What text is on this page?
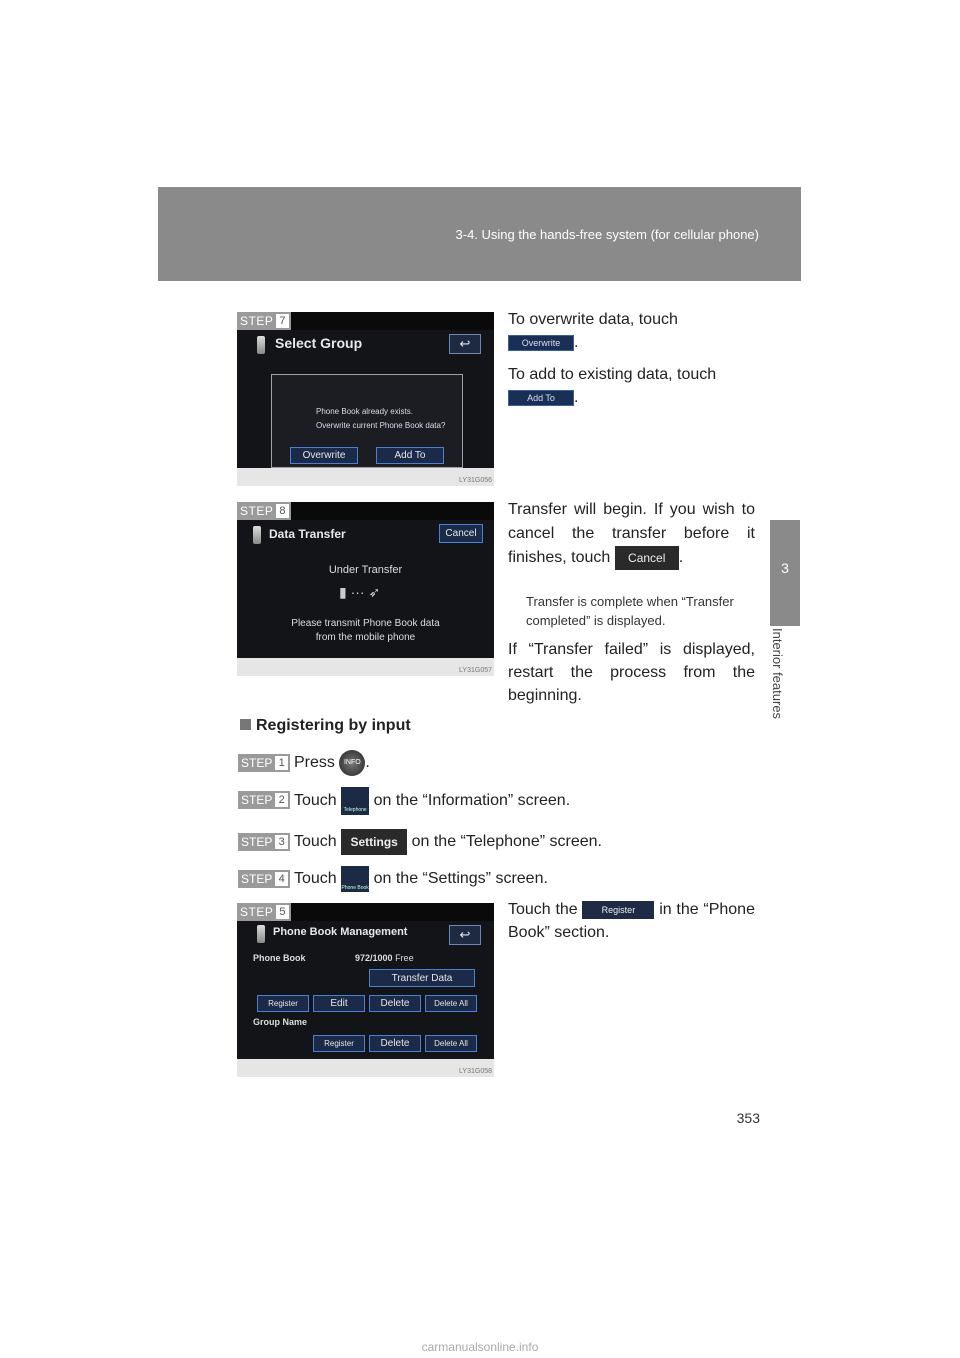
3-4. Using the hands-free system (for cellular phone)
3
Interior features
STEP 7
Select Group	↩
Phone Book already exists.
Overwrite current Phone Book data?
Overwrite	Add To
LY31G056
To overwrite data, touch
Overwrite .
To add to existing data, touch
Add To .
STEP 8
Data Transfer	Cancel
Under Transfer
▮ ··· ➶
Please transmit Phone Book data
from the mobile phone
LY31G057
Transfer will begin. If you wish to cancel the transfer before it finishes, touch Cancel .
Transfer is complete when “Transfer completed” is displayed.
If “Transfer failed” is displayed, restart the process from the beginning.
Registering by input
STEP 1 Press INFO .
STEP 2 Touch Telephone on the “Information” screen.
STEP 3 Touch Settings on the “Telephone” screen.
STEP 4 Touch Phone Book on the “Settings” screen.
STEP 5
Phone Book Management	↩
Phone Book	972/1000 Free
Transfer Data
Register	Edit	Delete	Delete All
Group Name
Register	Delete	Delete All
LY31G058
Touch the	Register in the “Phone Book” section.
353
carmanualsonline.info
